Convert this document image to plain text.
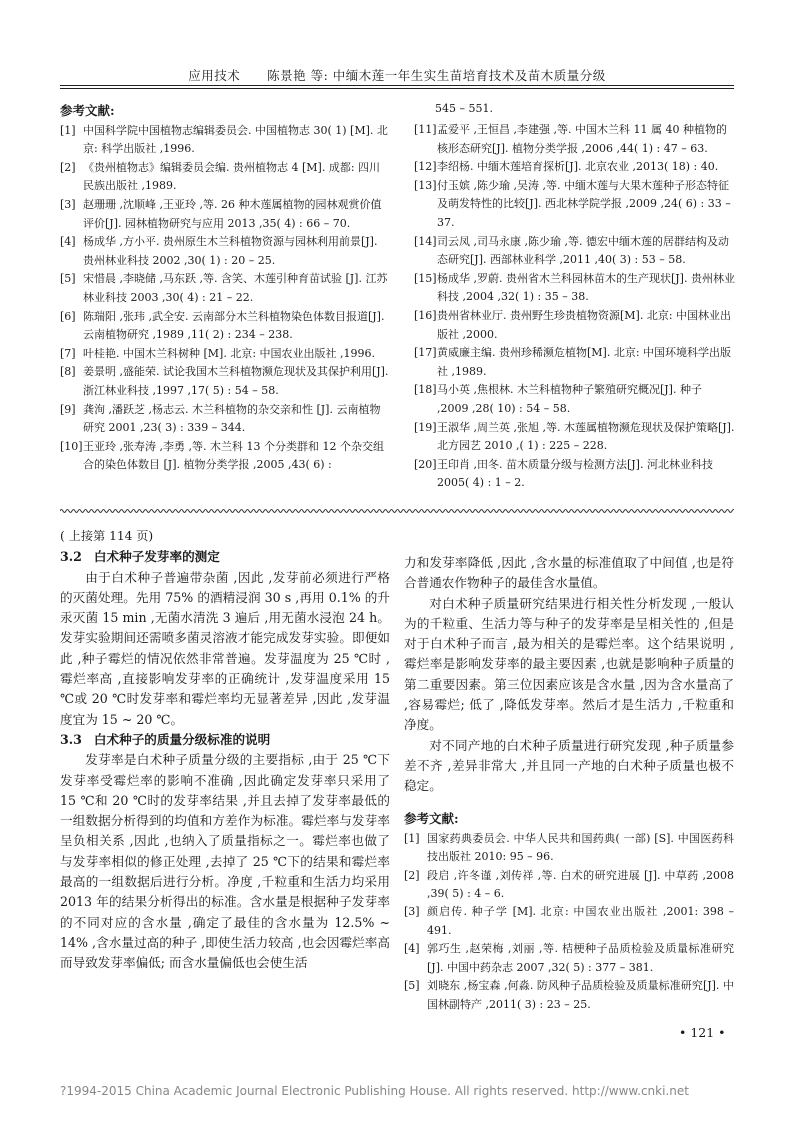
应用技术 陈景艳 等: 中缅木莲一年生实生苗培育技术及苗木质量分级
参考文献:
[1] 中国科学院中国植物志编辑委员会. 中国植物志 30( 1) [M]. 北京: 科学出版社 ,1996.
[2] 《贵州植物志》编辑委员会编. 贵州植物志 4 [M]. 成都: 四川民族出版社 ,1989.
[3] 赵珊珊 ,沈顺峰 ,王亚玲 ,等. 26 种木莲属植物的园林观赏价值评价[J]. 园林植物研究与应用 2013 ,35( 4) : 66 – 70.
[4] 杨成华 ,方小平. 贵州原生木兰科植物资源与园林利用前景[J]. 贵州林业科技 2002 ,30( 1) : 20 – 25.
[5] 宋惜晨 ,李晓储 ,马东跃 ,等. 含笑、木莲引种育苗试验 [J]. 江苏林业科技 2003 ,30( 4) : 21 – 22.
[6] 陈瑞阳 ,张玮 ,武全安. 云南部分木兰科植物染色体数目报道[J]. 云南植物研究 ,1989 ,11( 2) : 234 – 238.
[7] 叶桂艳. 中国木兰科树种 [M]. 北京: 中国农业出版社 ,1996.
[8] 姜景明 ,盛能荣. 试论我国木兰科植物濒危现状及其保护利用[J]. 浙江林业科技 ,1997 ,17( 5) : 54 – 58.
[9] 龚洵 ,潘跃芝 ,杨志云. 木兰科植物的杂交亲和性 [J]. 云南植物研究 2001 ,23( 3) : 339 – 344.
[10] 王亚玲 ,张寿涛 ,李勇 ,等. 木兰科 13 个分类群和 12 个杂交组合的染色体数目 [J]. 植物分类学报 ,2005 ,43( 6) :
545 – 551.
[11] 孟爱平 ,王恒昌 ,李建强 ,等. 中国木兰科 11 属 40 种植物的核形态研究[J]. 植物分类学报 ,2006 ,44( 1) : 47 – 63.
[12] 李绍杨. 中缅木莲培育探析[J]. 北京农业 ,2013( 18) : 40.
[13] 付玉嫔 ,陈少瑜 ,吴涛 ,等. 中缅木莲与大果木莲种子形态特征及萌发特性的比较[J]. 西北林学院学报 ,2009 ,24( 6) : 33 – 37.
[14] 司云凤 ,司马永康 ,陈少瑜 ,等. 德宏中缅木莲的居群结构及动态研究[J]. 西部林业科学 ,2011 ,40( 3) : 53 – 58.
[15] 杨成华 ,罗蔚. 贵州省木兰科园林苗木的生产现状[J]. 贵州林业科技 ,2004 ,32( 1) : 35 – 38.
[16] 贵州省林业厅. 贵州野生珍贵植物资源[M]. 北京: 中国林业出版社 ,2000.
[17] 黄威廉主编. 贵州珍稀濒危植物[M]. 北京: 中国环境科学出版社 ,1989.
[18] 马小英 ,焦根林. 木兰科植物种子繁殖研究概况[J]. 种子 ,2009 ,28( 10) : 54 – 58.
[19] 王淑华 ,周兰英 ,张旭 ,等. 木莲属植物濒危现状及保护策略[J]. 北方园艺 2010 ,( 1) : 225 – 228.
[20] 王印肖 ,田冬. 苗木质量分级与检测方法[J]. 河北林业科技 2005( 4) : 1 – 2.

( 上接第 114 页)

3.2 白术种子发芽率的测定

由于白术种子普遍带杂菌 ,因此 ,发芽前必须进行严格的灭菌处理。先用 75% 的酒精浸润 30 s ,再用 0.1% 的升汞灭菌 15 min ,无菌水清洗 3 遍后 ,用无菌水浸泡 24 h。发芽实验期间还需喷多菌灵溶液才能完成发芽实验。即便如此 ,种子霉烂的情况依然非常普遍。发芽温度为 25 ℃时 ,霉烂率高 ,直接影响发芽率的正确统计 ,发芽温度采用 15 ℃或 20 ℃时发芽率和霉烂率均无显著差异 ,因此 ,发芽温度宜为 15 ~ 20 ℃。

3.3 白术种子的质量分级标准的说明

发芽率是白术种子质量分级的主要指标 ,由于 25 ℃下发芽率受霉烂率的影响不准确 ,因此确定发芽率只采用了 15 ℃和 20 ℃时的发芽率结果 ,并且去掉了发芽率最低的一组数据分析得到的均值和方差作为标准。霉烂率与发芽率呈负相关系 ,因此 ,也纳入了质量指标之一。霉烂率也做了与发芽率相似的修正处理 ,去掉了 25 ℃下的结果和霉烂率最高的一组数据后进行分析。净度 ,千粒重和生活力均采用 2013 年的结果分析得出的标准。含水量是根据种子发芽率的不同对应的含水量 ,确定了最佳的含水量为 12.5% ~ 14% ,含水量过高的种子 ,即使生活力较高 ,也会因霉烂率高而导致发芽率偏低; 而含水量偏低也会使生活

力和发芽率降低 ,因此 ,含水量的标准值取了中间值 ,也是符合普通农作物种子的最佳含水量值。

对白术种子质量研究结果进行相关性分析发现 ,一般认为的千粒重、生活力等与种子的发芽率是呈相关性的 ,但是对于白术种子而言 ,最为相关的是霉烂率。这个结果说明 ,霉烂率是影响发芽率的最主要因素 ,也就是影响种子质量的第二重要因素。第三位因素应该是含水量 ,因为含水量高了 ,容易霉烂; 低了 ,降低发芽率。然后才是生活力 ,千粒重和净度。

对不同产地的白术种子质量进行研究发现 ,种子质量参差不齐 ,差异非常大 ,并且同一产地的白术种子质量也极不稳定。

参考文献:
[1] 国家药典委员会. 中华人民共和国药典( 一部) [S]. 中国医药科技出版社 2010: 95 – 96.
[2] 段启 ,许冬谨 ,刘传祥 ,等. 白术的研究进展 [J]. 中草药 ,2008 ,39( 5) : 4 – 6.
[3] 颜启传. 种子学 [M]. 北京: 中国农业出版社 ,2001: 398 – 491.
[4] 郭巧生 ,赵荣梅 ,刘丽 ,等. 桔梗种子品质检验及质量标准研究[J]. 中国中药杂志 2007 ,32( 5) : 377 – 381.
[5] 刘晓东 ,杨宝森 ,何淼. 防风种子品质检验及质量标准研究[J]. 中国林副特产 ,2011( 3) : 23 – 25.
• 121 •
?1994-2015 China Academic Journal Electronic Publishing House. All rights reserved. http://www.cnki.net
